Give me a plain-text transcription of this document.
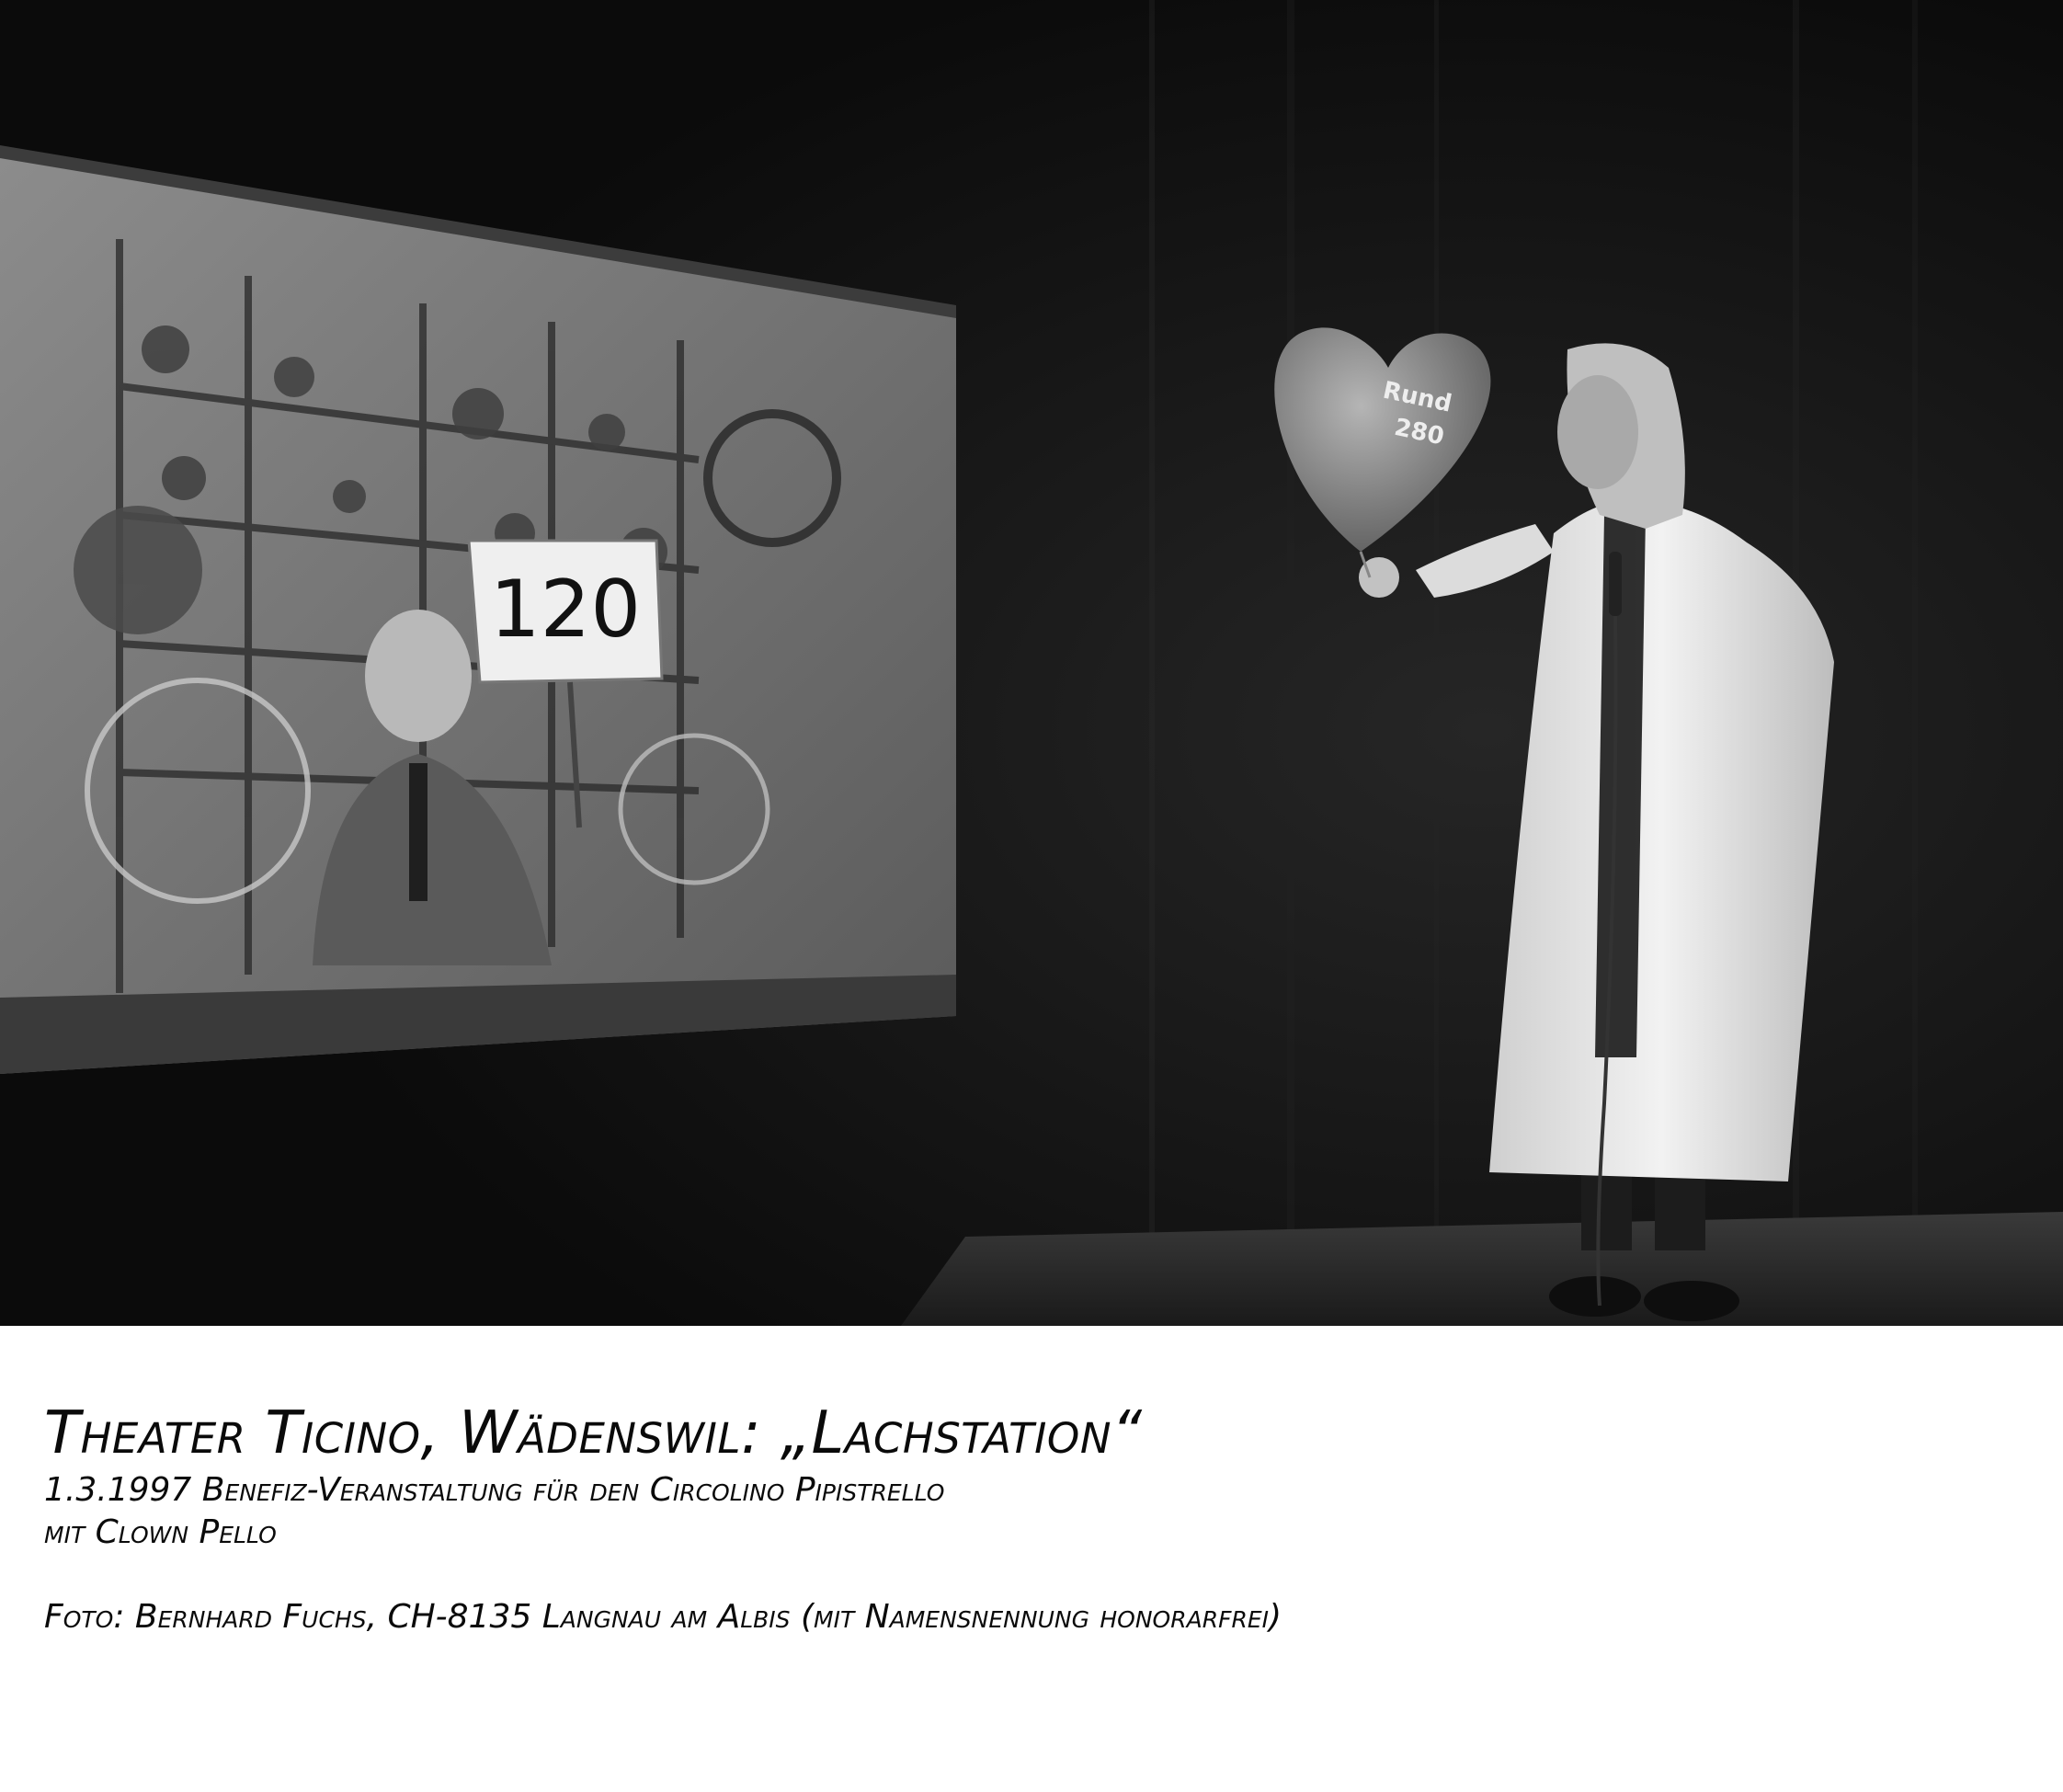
120
Rund
280
Theater Ticino, Wädenswil: „Lachstation“
1.3.1997 Benefiz-Veranstaltung für den Circolino Pipistrello
mit Clown Pello
Foto: Bernhard Fuchs, CH-8135 Langnau am Albis (mit Namensnennung honorarfrei)
